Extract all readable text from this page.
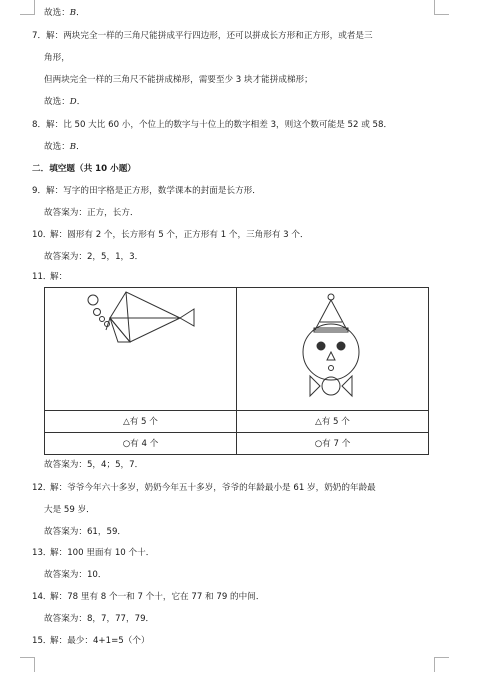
故选：B．
7． 解：两块完全一样的三角尺能拼成平行四边形，还可以拼成长方形和正方形，或者是三
角形，
但两块完全一样的三角尺不能拼成梯形，需要至少 3 块才能拼成梯形；
故选：D．
8． 解：比 50 大比 60 小，个位上的数字与十位上的数字相差 3，则这个数可能是 52 或 58．
故选：B．
二．填空题（共 10 小题）
9． 解：写字的田字格是正方形，数学课本的封面是长方形．
故答案为：正方，长方．
10．
解：圆形有 2 个，长方形有 5 个，正方形有 1 个，三角形有 3 个．
故答案为：2，5，1，3．
11．
解：

△有 5 个	△有 5 个
○有 4 个	○有 7 个
故答案为：5，4；5，7．
12．
解：爷爷今年六十多岁，奶奶今年五十多岁，爷爷的年龄最小是 61 岁，奶奶的年龄最
大是 59 岁．
故答案为：61，59．
13．
解：100 里面有 10 个十．
故答案为：10．
14．
解：78 里有 8 个一和 7 个十，它在 77 和 79 的中间．
故答案为：8，7，77，79．
15．
解：最少：4+1=5（个）
